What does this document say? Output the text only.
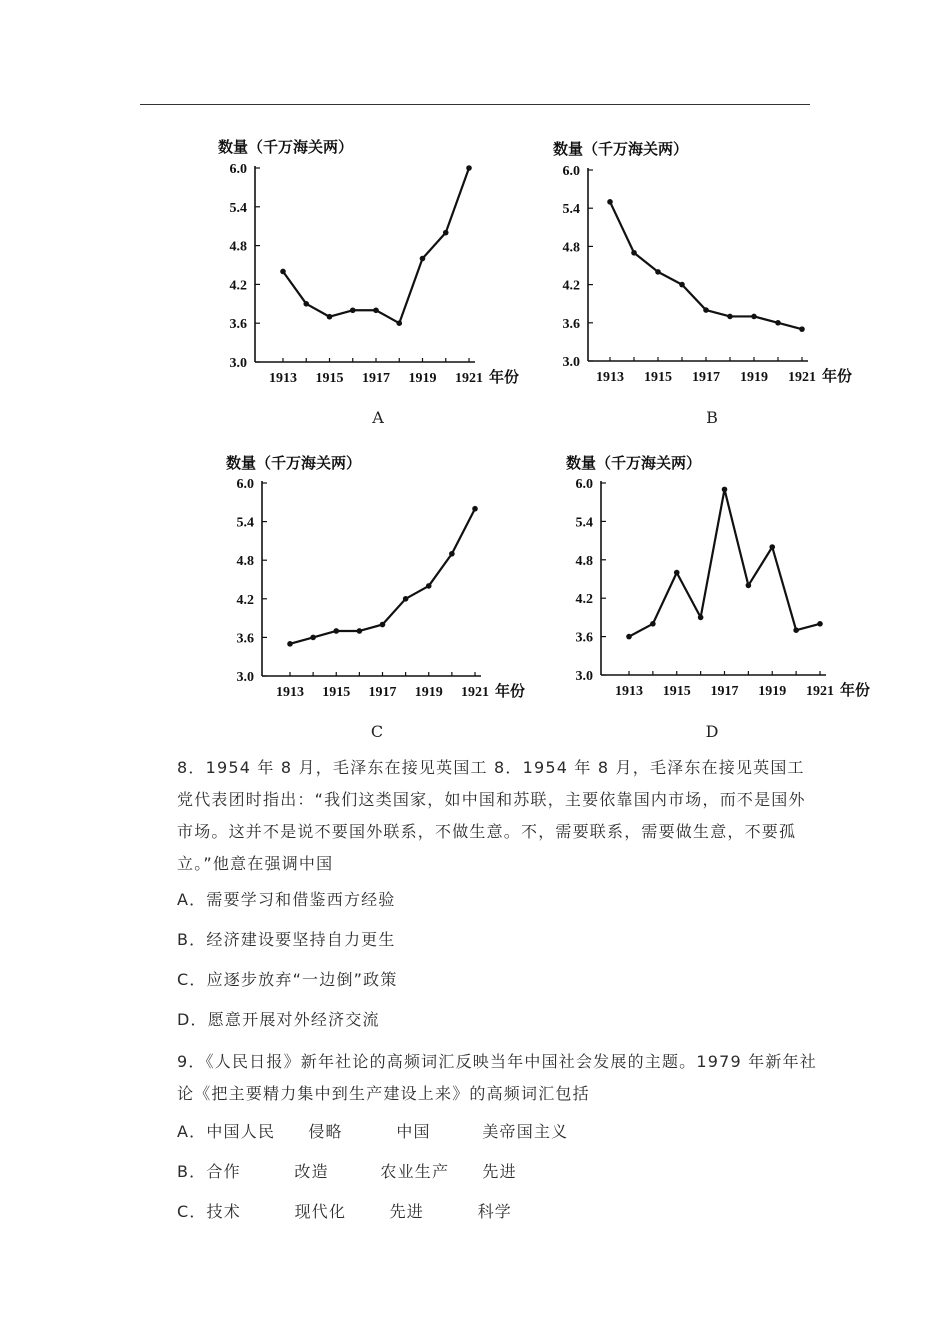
数量（千万海关两）
3.0
3.6
4.2
4.8
5.4
6.0
1913 1915 1917 1919 1921 年份
A
数量（千万海关两）
3.0
3.6
4.2
4.8
5.4
6.0
1913 1915 1917 1919 1921 年份
B
数量（千万海关两）
3.0
3.6
4.2
4.8
5.4
6.0
1913 1915 1917 1919 1921 年份
C
数量（千万海关两）
3.0
3.6
4.2
4.8
5.4
6.0
1913 1915 1917 1919 1921 年份
D
8．1954 年 8 月，毛泽东在接见英国工 8．1954 年 8 月，毛泽东在接见英国工党代表团时指出：“我们这类国家，如中国和苏联，主要依靠国内市场，而不是国外市场。这并不是说不要国外联系，不做生意。不，需要联系，需要做生意，不要孤立。”他意在强调中国
A．需要学习和借鉴西方经验
B．经济建设要坚持自力更生
C．应逐步放弃“一边倒”政策
D．愿意开展对外经济交流
9．《人民日报》新年社论的高频词汇反映当年中国社会发展的主题。1979 年新年社论《把主要精力集中到生产建设上来》的高频词汇包括
A．中国人民 侵略	中国	美帝国主义
B．合作	改造	农业生产 先进
C．技术	现代化	先进	科学
